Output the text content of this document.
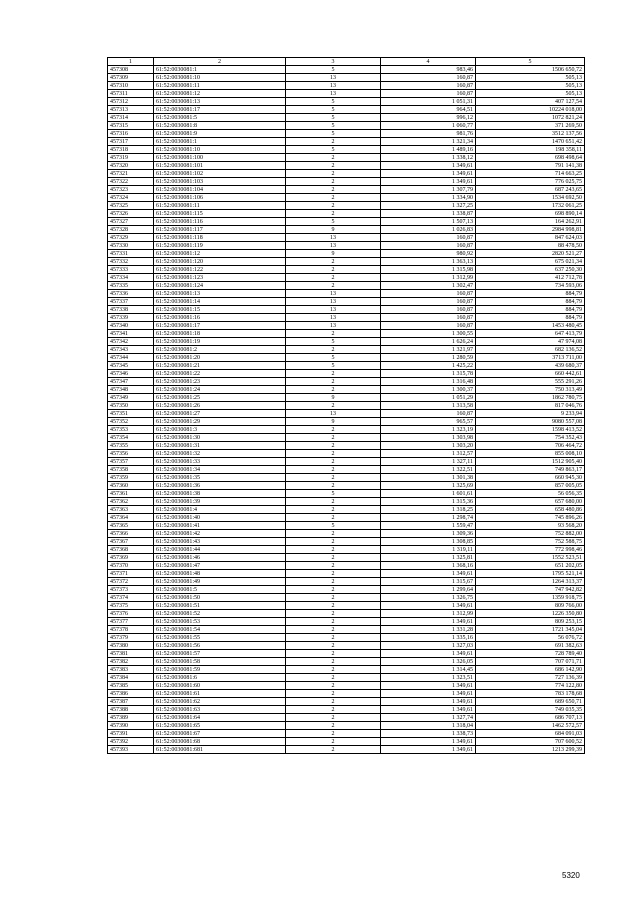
1	2	3	4	5
457308	61:52:0030081:1	5	983,46	1506 650,72
457309	61:52:0030081:10	13	160,87	505,13
457310	61:52:0030081:11	13	160,87	505,13
457311	61:52:0030081:12	13	160,87	505,13
457312	61:52:0030081:13	5	1 051,31	407 127,54
457313	61:52:0030081:17	5	964,51	10224 018,00
457314	61:52:0030081:5	5	996,12	1072 821,24
457315	61:52:0030081:8	5	1 060,77	371 269,50
457316	61:52:0030081:9	5	981,76	3512 137,56
457317	61:52:0030081:1	2	1 321,34	1470 651,42
457318	61:52:0030081:10	5	1 489,16	198 358,11
457319	61:52:0030081:100	2	1 338,12	698 498,64
457320	61:52:0030081:101	2	1 349,61	791 141,38
457321	61:52:0030081:102	2	1 349,61	714 663,25
457322	61:52:0030081:103	2	1 349,61	776 025,75
457323	61:52:0030081:104	2	1 307,79	687 243,65
457324	61:52:0030081:106	2	1 334,90	1534 692,50
457325	61:52:0030081:11	2	1 327,25	1732 061,25
457326	61:52:0030081:115	2	1 338,87	698 890,14
457327	61:52:0030081:116	5	1 507,13	164 262,91
457328	61:52:0030081:117	9	1 026,83	2984 998,81
457329	61:52:0030081:118	13	160,87	847 624,03
457330	61:52:0030081:119	13	160,87	88 478,50
457331	61:52:0030081:12	9	980,92	2820 521,27
457332	61:52:0030081:120	2	1 363,13	675 021,34
457333	61:52:0030081:122	2	1 315,98	637 250,30
457334	61:52:0030081:123	2	1 312,99	412 712,78
457335	61:52:0030081:124	2	1 302,47	734 593,06
457336	61:52:0030081:13	13	160,87	884,79
457337	61:52:0030081:14	13	160,87	884,79
457338	61:52:0030081:15	13	160,87	884,79
457339	61:52:0030081:16	13	160,87	884,79
457340	61:52:0030081:17	13	160,87	1453 480,45
457341	61:52:0030081:18	2	1 300,55	647 413,79
457342	61:52:0030081:19	5	1 626,24	47 974,08
457343	61:52:0030081:2	2	1 321,97	682 136,52
457344	61:52:0030081:20	5	1 280,59	3713 711,00
457345	61:52:0030081:21	5	1 425,22	439 680,37
457346	61:52:0030081:22	2	1 315,78	660 442,61
457347	61:52:0030081:23	2	1 316,48	555 291,26
457348	61:52:0030081:24	2	1 300,37	750 313,49
457349	61:52:0030081:25	9	1 051,29	1862 780,75
457350	61:52:0030081:26	2	1 313,58	817 046,76
457351	61:52:0030081:27	13	160,87	9 233,94
457352	61:52:0030081:29	9	965,57	9080 557,08
457353	61:52:0030081:3	2	1 323,19	1598 413,52
457354	61:52:0030081:30	2	1 303,98	754 352,43
457355	61:52:0030081:31	2	1 303,20	706 464,72
457356	61:52:0030081:32	2	1 312,57	855 008,10
457357	61:52:0030081:33	2	1 327,11	1512 905,40
457358	61:52:0030081:34	2	1 322,51	749 863,17
457359	61:52:0030081:35	2	1 301,38	660 945,30
457360	61:52:0030081:36	2	1 325,69	857 005,05
457361	61:52:0030081:38	5	1 601,61	56 056,35
457362	61:52:0030081:39	2	1 315,36	657 680,00
457363	61:52:0030081:4	2	1 318,25	658 480,86
457364	61:52:0030081:40	2	1 298,74	745 896,26
457365	61:52:0030081:41	5	1 559,47	93 568,20
457366	61:52:0030081:42	2	1 309,36	752 882,00
457367	61:52:0030081:43	2	1 308,85	752 588,75
457368	61:52:0030081:44	2	1 319,11	772 998,46
457369	61:52:0030081:46	2	1 325,81	1552 523,51
457370	61:52:0030081:47	2	1 368,16	651 202,05
457371	61:52:0030081:48	2	1 349,61	1795 521,14
457372	61:52:0030081:49	2	1 315,67	1264 313,37
457373	61:52:0030081:5	2	1 299,64	747 942,82
457374	61:52:0030081:50	2	1 326,75	1359 918,75
457375	61:52:0030081:51	2	1 349,61	809 766,00
457376	61:52:0030081:52	2	1 312,99	1226 350,80
457377	61:52:0030081:53	2	1 349,61	809 253,15
457378	61:52:0030081:54	2	1 331,28	1721 345,04
457379	61:52:0030081:55	2	1 335,16	56 076,72
457380	61:52:0030081:56	2	1 327,03	691 382,63
457381	61:52:0030081:57	2	1 349,61	728 789,40
457382	61:52:0030081:58	2	1 326,05	707 071,71
457383	61:52:0030081:59	2	1 314,45	686 142,90
457384	61:52:0030081:6	2	1 323,51	727 136,39
457385	61:52:0030081:60	2	1 349,61	774 122,80
457386	61:52:0030081:61	2	1 349,61	783 178,68
457387	61:52:0030081:62	2	1 349,61	689 650,71
457388	61:52:0030081:63	2	1 349,61	749 035,35
457389	61:52:0030081:64	2	1 327,74	686 707,13
457390	61:52:0030081:65	2	1 318,04	1462 572,57
457391	61:52:0030081:67	2	1 338,73	684 091,03
457392	61:52:0030081:68	2	1 349,61	707 600,52
457393	61:52:0030081:681	2	1 349,61	1213 299,39
5320
